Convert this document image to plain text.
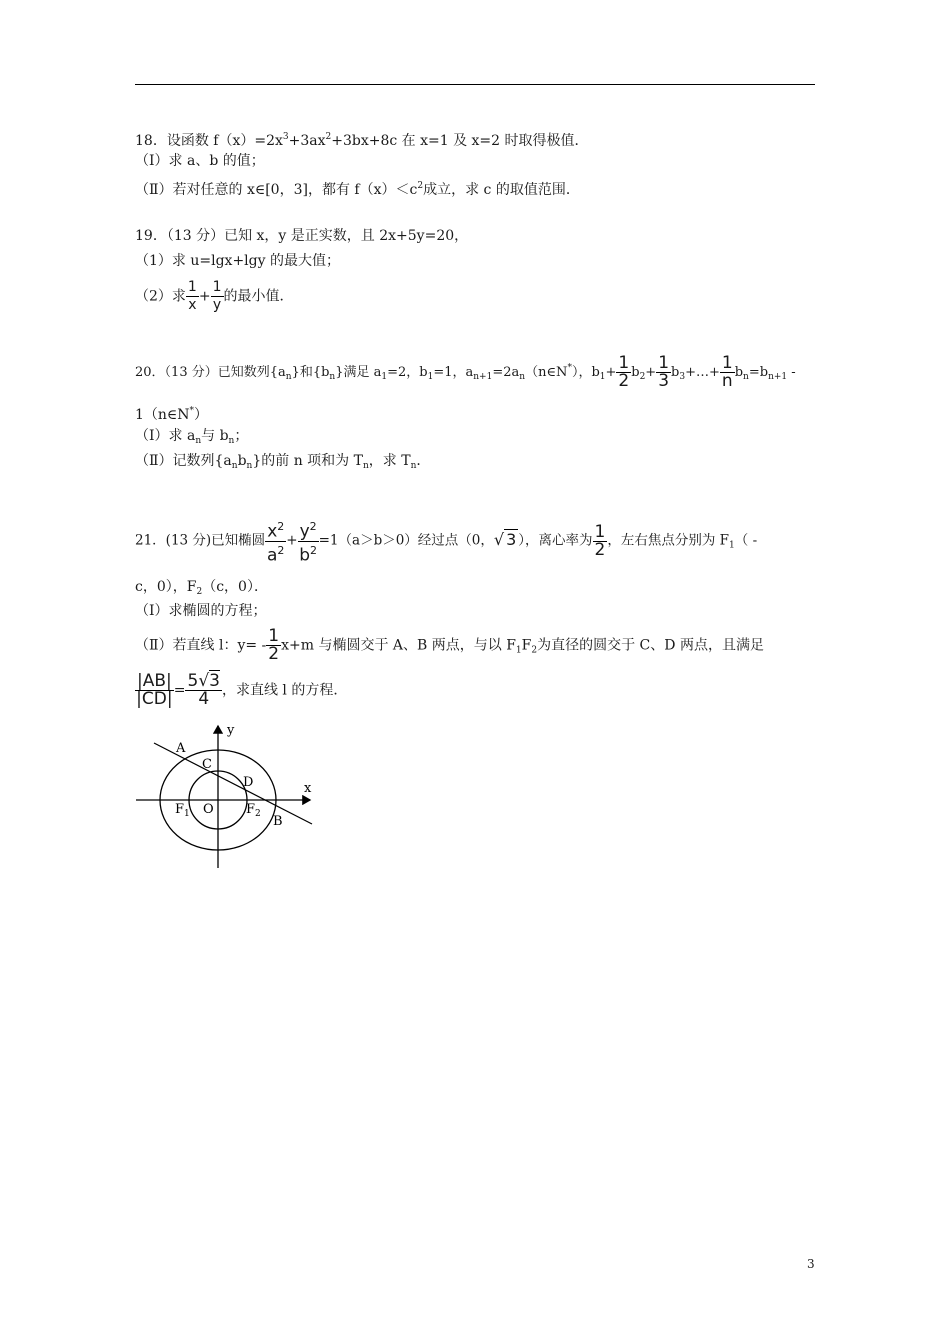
18．设函数 $f(x)=2x^3+3ax^2+3bx+8c$ 在 x=1 及 x=2 时取得极值．
（Ⅰ）求 a、b 的值；
（Ⅱ）若对任意的 x∈[0，3]，都有 $f(x)<c^2$成立，求 c 的取值范围．
19．（13 分）已知 x，y 是正实数，且 2x+5y=20，
（1）求 u=lgx+lgy 的最大值；
（2）求 $\frac{1}{x} + \frac{1}{y}$ 的最小值．
20．（13 分）已知数列$\{a_n\}$和$\{b_n\}$满足 $a_1=2$，$b_1=1$，$a_{n+1}=2a_n(n\in N^*)$，$b_1+ \frac{1}{2} b_2+ \frac{1}{3}$ $b_3+\dots+ \frac{1}{n} b_n=b_{n+1}$ -
1（n∈N*）
（Ⅰ）求 $a_n$与 $b_n$；
（Ⅱ）记数列$\{a_nb_n\}$的前 n 项和为 $T_n$，求 $T_n$．
21．(13 分)已知椭圆 $\frac{x^2}{a^2} + \frac{y^2}{b^2} =1(a>b>0)$经过点（0，√ 3 ），离心率为 $\frac{1}{2}$ ，左右焦点分别为 $F_1$（ -
c，0），$F_2(c$，0）．
（Ⅰ）求椭圆的方程；
（Ⅱ）若直线 l：$y= - \frac{1}{2} x+m$ 与椭圆交于 A、B 两点，与以 $F_1F_2$为直径的圆交于 C、D 两点，且满足
$\frac{|AB|}{|CD|} = \frac{5√3}{4}$ ，求直线 l 的方程．
x
y
A
B
C
D
O
$F_1$	$F_2$
3
